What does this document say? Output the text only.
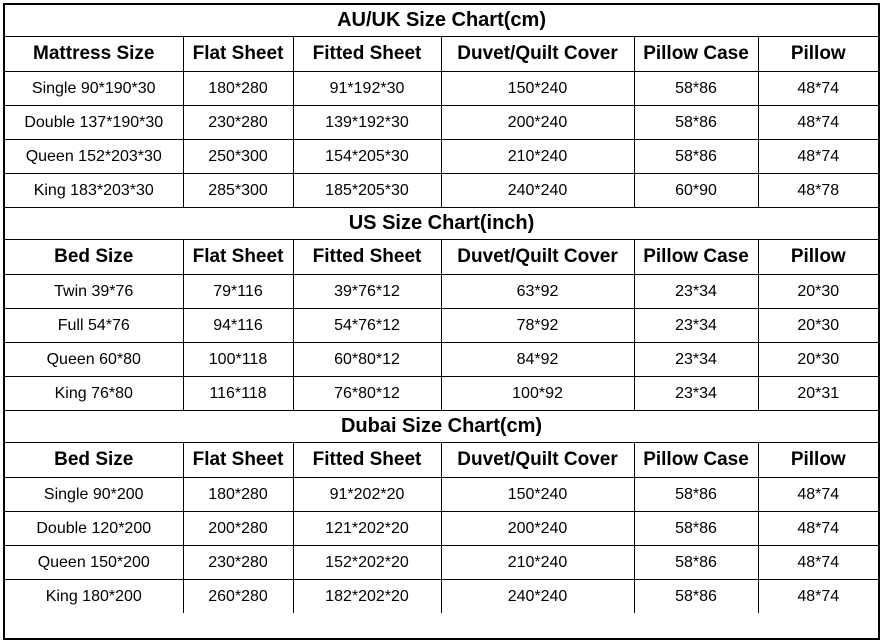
AU/UK Size Chart(cm)					
Mattress Size	Flat Sheet	Fitted Sheet	Duvet/Quilt Cover	Pillow Case	Pillow
Single 90*190*30	180*280	91*192*30	150*240	58*86	48*74
Double 137*190*30	230*280	139*192*30	200*240	58*86	48*74
Queen 152*203*30	250*300	154*205*30	210*240	58*86	48*74
King 183*203*30	285*300	185*205*30	240*240	60*90	48*78
US Size Chart(inch)					
Bed Size	Flat Sheet	Fitted Sheet	Duvet/Quilt Cover	Pillow Case	Pillow
Twin 39*76	79*116	39*76*12	63*92	23*34	20*30
Full 54*76	94*116	54*76*12	78*92	23*34	20*30
Queen 60*80	100*118	60*80*12	84*92	23*34	20*30
King 76*80	116*118	76*80*12	100*92	23*34	20*31
Dubai Size Chart(cm)					
Bed Size	Flat Sheet	Fitted Sheet	Duvet/Quilt Cover	Pillow Case	Pillow
Single 90*200	180*280	91*202*20	150*240	58*86	48*74
Double 120*200	200*280	121*202*20	200*240	58*86	48*74
Queen 150*200	230*280	152*202*20	210*240	58*86	48*74
King 180*200	260*280	182*202*20	240*240	58*86	48*74
